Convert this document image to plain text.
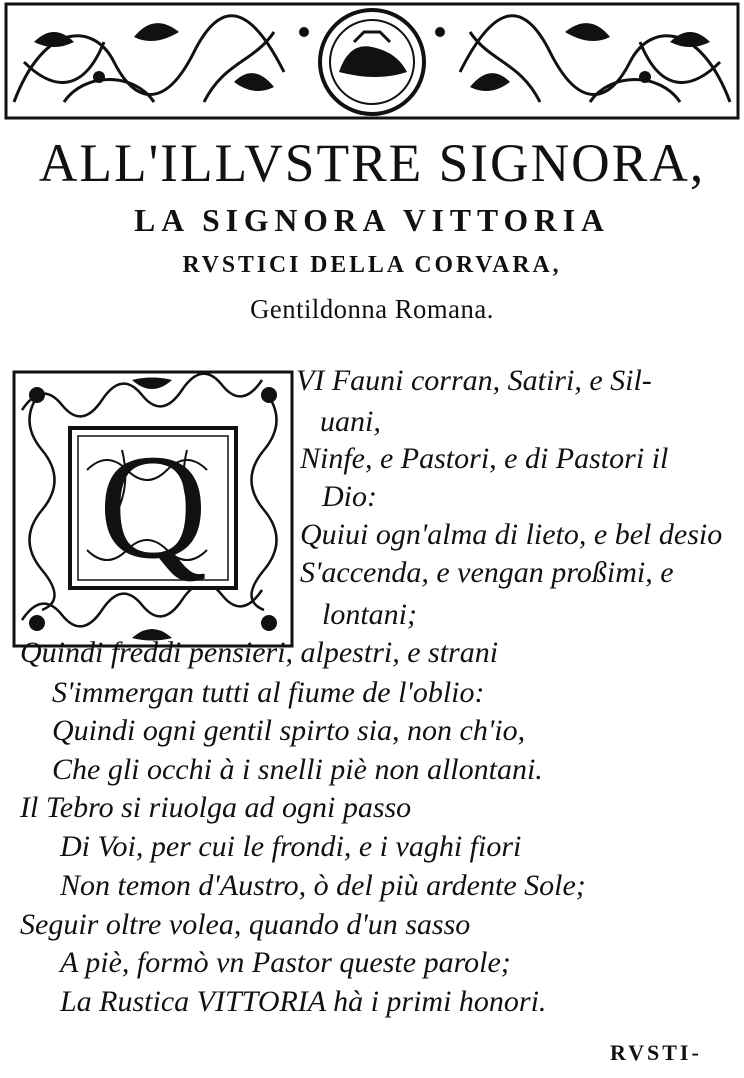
ALL'ILLVSTRE SIGNORA,
LA SIGNORA VITTORIA
RVSTICI DELLA CORVARA,
Gentildonna Romana.
Q
VI Fauni corran, Satiri, e Sil-
uani,
Ninfe, e Pastori, e di Pastori il
Dio:
Quiui ogn'alma di lieto, e bel desio
S'accenda, e vengan proßimi, e
lontani;
Quindi freddi pensieri, alpestri, e strani
S'immergan tutti al fiume de l'oblio:
Quindi ogni gentil spirto sia, non ch'io,
Che gli occhi à i snelli piè non allontani.
Il Tebro si riuolga ad ogni passo
Di Voi, per cui le frondi, e i vaghi fiori
Non temon d'Austro, ò del più ardente Sole;
Seguir oltre volea, quando d'un sasso
A piè, formò vn Pastor queste parole;
La Rustica VITTORIA hà i primi honori.
RVSTI-
